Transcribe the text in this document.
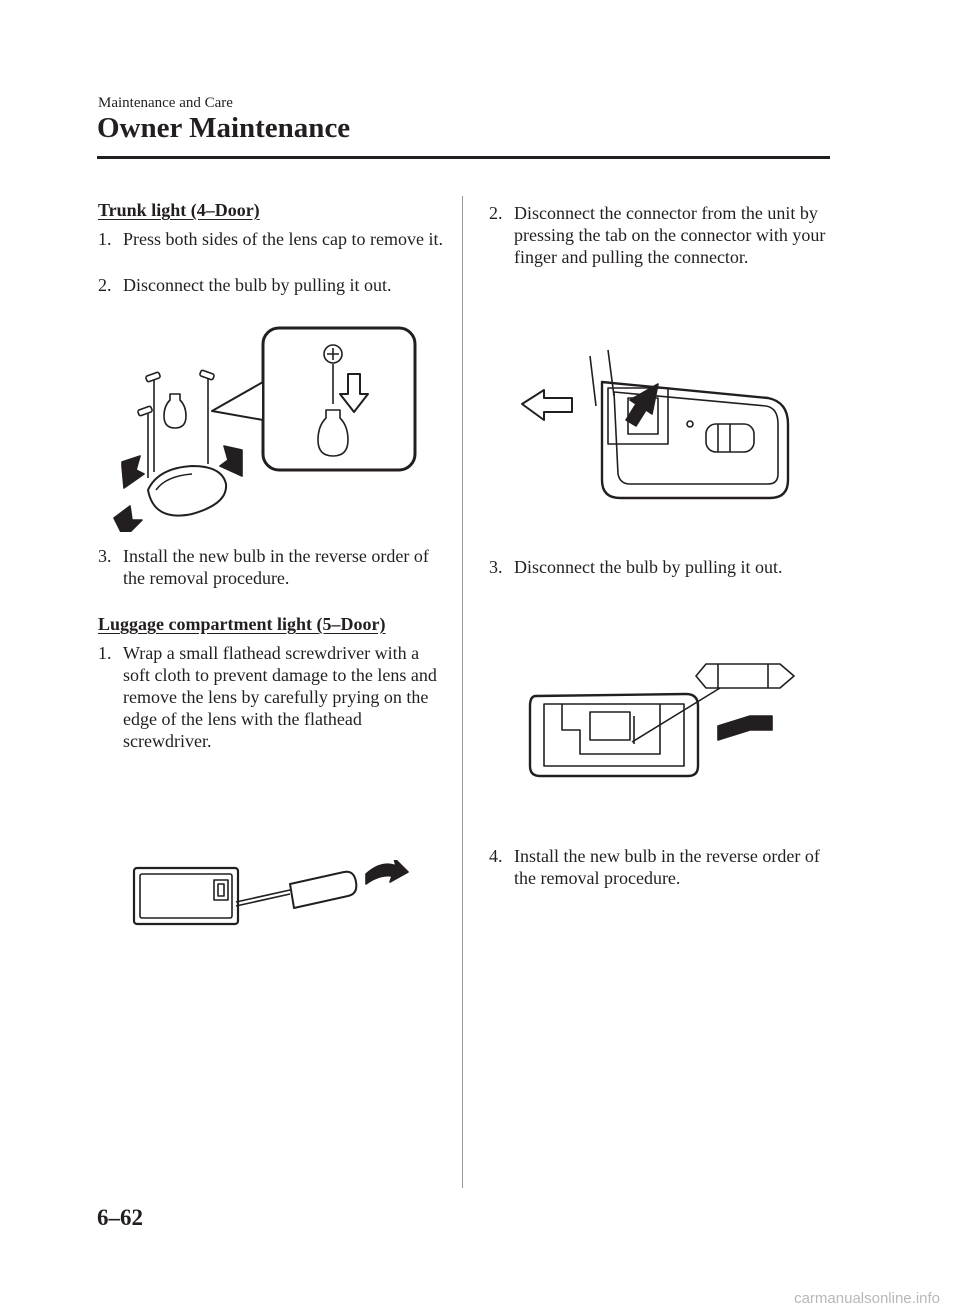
Maintenance and Care
Owner Maintenance
Trunk light (4–Door)
1. Press both sides of the lens cap to remove it.
2. Disconnect the bulb by pulling it out.
3. Install the new bulb in the reverse order of the removal procedure.
Luggage compartment light (5–Door)
1. Wrap a small flathead screwdriver with a soft cloth to prevent damage to the lens and remove the lens by carefully prying on the edge of the lens with the flathead screwdriver.
2. Disconnect the connector from the unit by pressing the tab on the connector with your finger and pulling the connector.
3. Disconnect the bulb by pulling it out.
4. Install the new bulb in the reverse order of the removal procedure.
6–62
carmanualsonline.info
